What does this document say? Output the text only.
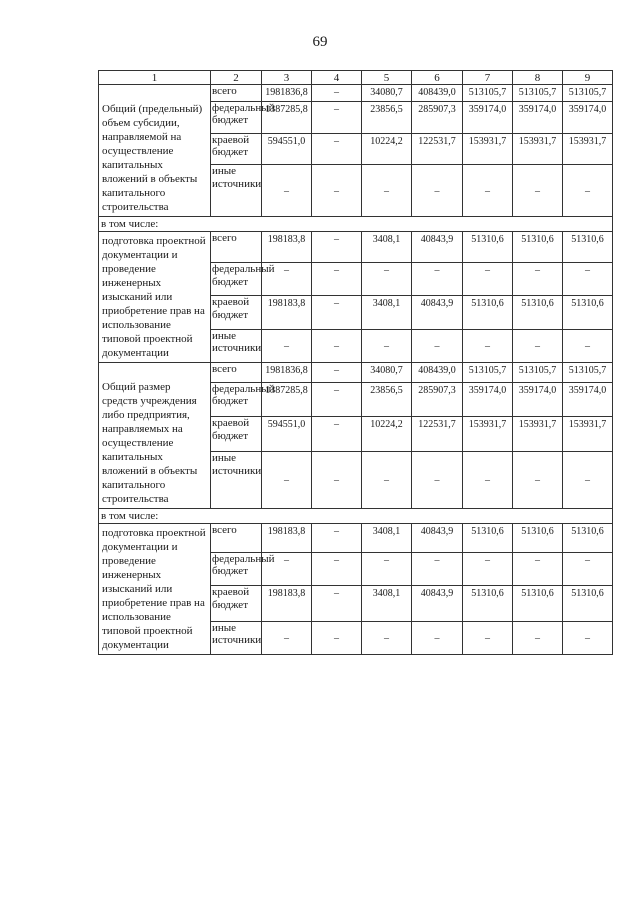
69
1	2	3	4	5	6	7	8	9
Общий (предельный) объем субсидии, направляемой на осуществление капитальных вложений в объекты капитального строительства	всего	1981836,8	–	34080,7	408439,0	513105,7	513105,7	513105,7
	федеральный бюджет	1387285,8	–	23856,5	285907,3	359174,0	359174,0	359174,0
	краевой бюджет	594551,0	–	10224,2	122531,7	153931,7	153931,7	153931,7
	иные источники	–	–	–	–	–	–	–
в том числе:								
подготовка проектной документации и проведение инженерных изысканий или приобретение прав на использование типовой проектной документации	всего	198183,8	–	3408,1	40843,9	51310,6	51310,6	51310,6
	федеральный бюджет	–	–	–	–	–	–	–
	краевой бюджет	198183,8	–	3408,1	40843,9	51310,6	51310,6	51310,6
	иные источники	–	–	–	–	–	–	–
Общий размер средств учреждения либо предприятия, направляемых на осуществление капитальных вложений в объекты капитального строительства	всего	1981836,8	–	34080,7	408439,0	513105,7	513105,7	513105,7
	федеральный бюджет	1387285,8	–	23856,5	285907,3	359174,0	359174,0	359174,0
	краевой бюджет	594551,0	–	10224,2	122531,7	153931,7	153931,7	153931,7
	иные источники	–	–	–	–	–	–	–
в том числе:								
подготовка проектной документации и проведение инженерных изысканий или приобретение прав на использование типовой проектной документации	всего	198183,8	–	3408,1	40843,9	51310,6	51310,6	51310,6
	федеральный бюджет	–	–	–	–	–	–	–
	краевой бюджет	198183,8	–	3408,1	40843,9	51310,6	51310,6	51310,6
	иные источники	–	–	–	–	–	–	–
